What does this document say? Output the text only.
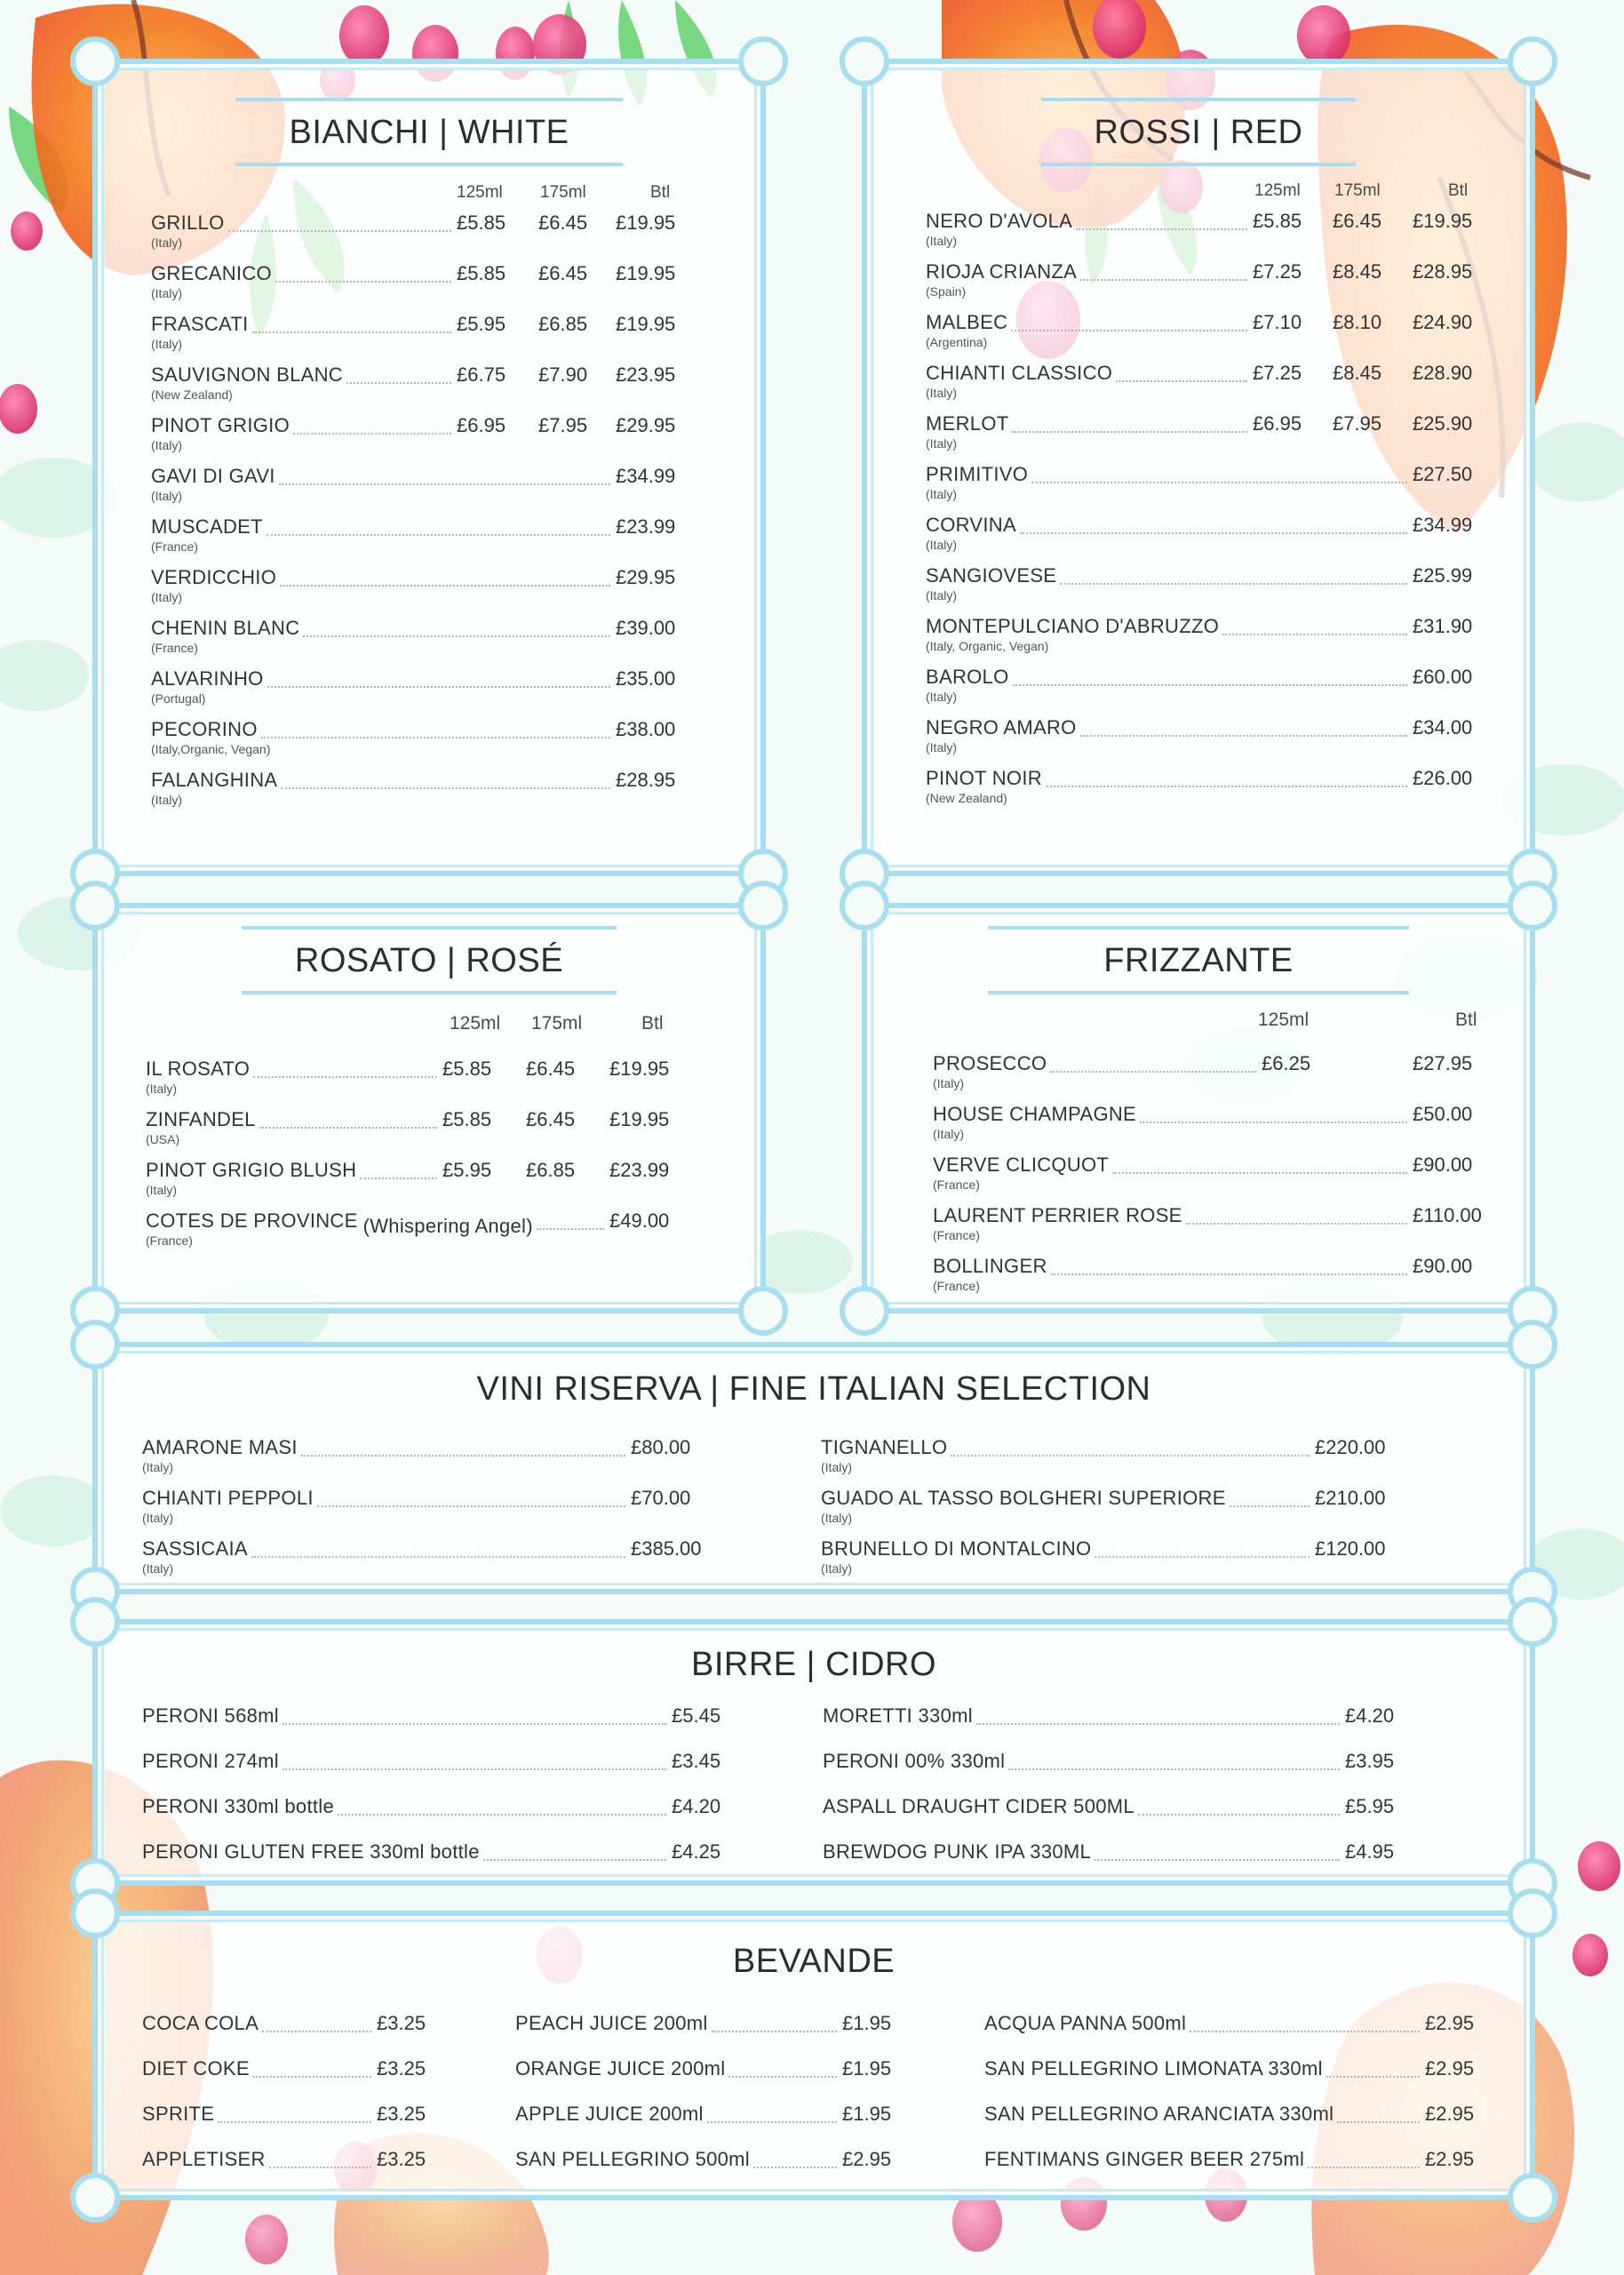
BIANCHI | WHITE
125ml 175ml	Btl
GRILLO
(Italy)
£5.85 £6.45 £19.95
GRECANICO
(Italy)
£5.85 £6.45 £19.95
FRASCATI
(Italy)
£5.95 £6.85 £19.95
SAUVIGNON BLANC
(New Zealand)
£6.75 £7.90 £23.95
PINOT GRIGIO
(Italy)
£6.95 £7.95 £29.95
GAVI DI GAVI
(Italy)
£34.99
MUSCADET
(France)
£23.99
VERDICCHIO
(Italy)
£29.95
CHENIN BLANC
(France)
£39.00
ALVARINHO
(Portugal)
£35.00
PECORINO
(Italy,Organic, Vegan)
£38.00
FALANGHINA
(Italy)
£28.95
ROSSI | RED
125ml 175ml	Btl
NERO D'AVOLA
(Italy)
£5.85 £6.45 £19.95
RIOJA CRIANZA
(Spain)
£7.25 £8.45 £28.95
MALBEC
(Argentina)
£7.10 £8.10 £24.90
CHIANTI CLASSICO
(Italy)
£7.25 £8.45 £28.90
MERLOT
(Italy)
£6.95 £7.95 £25.90
PRIMITIVO
(Italy)
£27.50
CORVINA
(Italy)
£34.99
SANGIOVESE
(Italy)
£25.99
MONTEPULCIANO D'ABRUZZO
(Italy, Organic, Vegan)
£31.90
BAROLO
(Italy)
£60.00
NEGRO AMARO
(Italy)
£34.00
PINOT NOIR
(New Zealand)
£26.00
ROSATO | ROSÉ
125ml 175ml	Btl
IL ROSATO
(Italy)
£5.85 £6.45 £19.95
ZINFANDEL
(USA)
£5.85 £6.45 £19.95
PINOT GRIGIO BLUSH
(Italy)
£5.95 £6.85 £23.99
COTES DE PROVINCE (Whispering Angel)
(France)
£49.00
FRIZZANTE
125ml	Btl
PROSECCO
(Italy)
£6.25	£27.95
HOUSE CHAMPAGNE
(Italy)
£50.00
VERVE CLICQUOT
(France)
£90.00
LAURENT PERRIER ROSE
(France)
£110.00
BOLLINGER
(France)
£90.00
VINI RISERVA | FINE ITALIAN SELECTION
AMARONE MASI
(Italy)
£80.00
CHIANTI PEPPOLI
(Italy)
£70.00
SASSICAIA
(Italy)
£385.00
TIGNANELLO
(Italy)
£220.00
GUADO AL TASSO BOLGHERI SUPERIORE
(Italy)
£210.00
BRUNELLO DI MONTALCINO
(Italy)
£120.00
BIRRE | CIDRO
PERONI 568ml	£5.45
PERONI 274ml	£3.45
PERONI 330ml bottle	£4.20
PERONI GLUTEN FREE 330ml bottle	£4.25
MORETTI 330ml	£4.20
PERONI 00% 330ml	£3.95
ASPALL DRAUGHT CIDER 500ML	£5.95
BREWDOG PUNK IPA 330ML	£4.95
BEVANDE
COCA COLA	£3.25
DIET COKE	£3.25
SPRITE	£3.25
APPLETISER	£3.25
PEACH JUICE 200ml	£1.95
ORANGE JUICE 200ml	£1.95
APPLE JUICE 200ml	£1.95
SAN PELLEGRINO 500ml	£2.95
ACQUA PANNA 500ml	£2.95
SAN PELLEGRINO LIMONATA 330ml	£2.95
SAN PELLEGRINO ARANCIATA 330ml	£2.95
FENTIMANS GINGER BEER 275ml	£2.95
